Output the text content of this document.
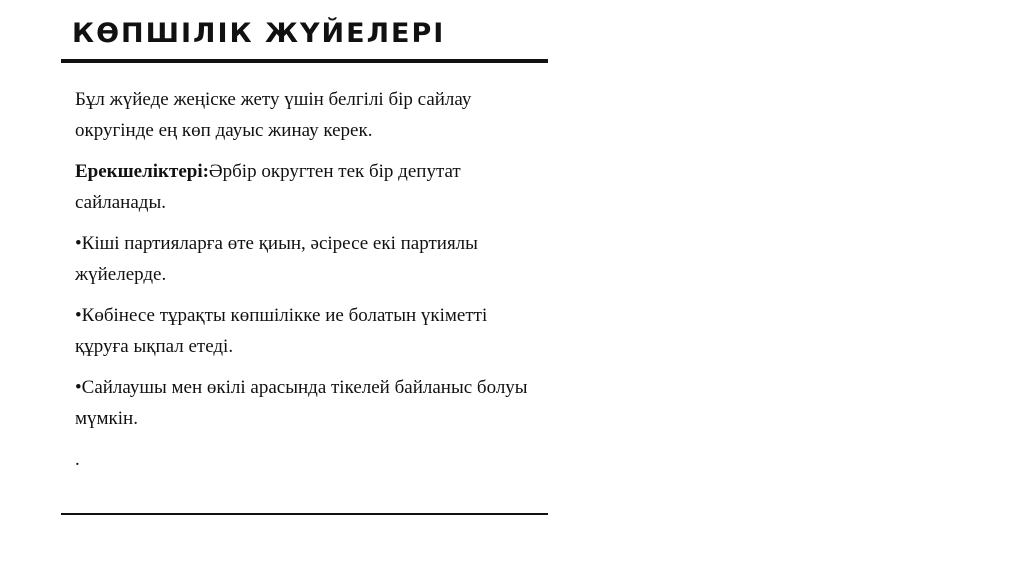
КӨПШІЛІК ЖҮЙЕЛЕРІ

Бұл жүйеде жеңіске жету үшін белгілі бір сайлау округінде ең көп дауыс жинау керек.

Ерекшеліктері:Әрбір округтен тек бір депутат сайланады.

•Кіші партияларға өте қиын, әсіресе екі партиялы жүйелерде.

•Көбінесе тұрақты көпшілікке ие болатын үкіметті құруға ықпал етеді.

•Сайлаушы мен өкілі арасында тікелей байланыс болуы мүмкін.

.
